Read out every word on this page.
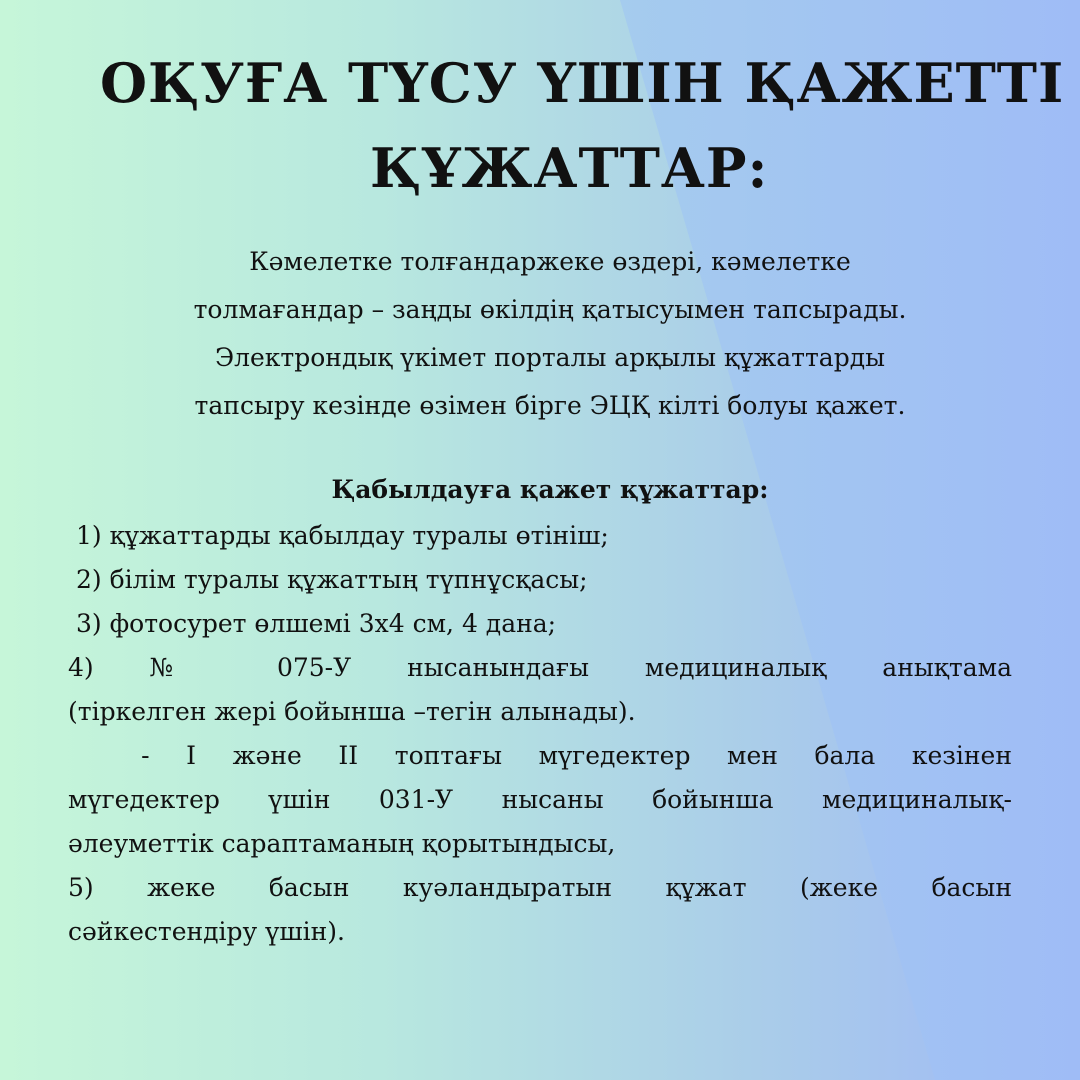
ОҚУҒА ТҮСУ ҮШІН ҚАЖЕТТІ
ҚҰЖАТТАР:
Кәмелетке толғандаржеке өздері, кәмелетке
толмағандар – заңды өкілдің қатысуымен тапсырады.
Электрондық үкімет порталы арқылы құжаттарды
тапсыру кезінде өзімен бірге ЭЦҚ кілті болуы қажет.
Қабылдауға қажет құжаттар:
1) құжаттарды қабылдау туралы өтініш;
2) білім туралы құжаттың түпнұсқасы;
3) фотосурет өлшемі 3х4 см, 4 дана;
4) № 075-У нысанындағы медициналық анықтама
(тіркелген жері бойынша –тегін алынады).
- I және II топтағы мүгедектер мен бала кезінен
мүгедектер үшін 031-У нысаны бойынша медициналық-
әлеуметтік сараптаманың қорытындысы,
5) жеке басын куәландыратын құжат (жеке басын
сәйкестендіру үшін).
